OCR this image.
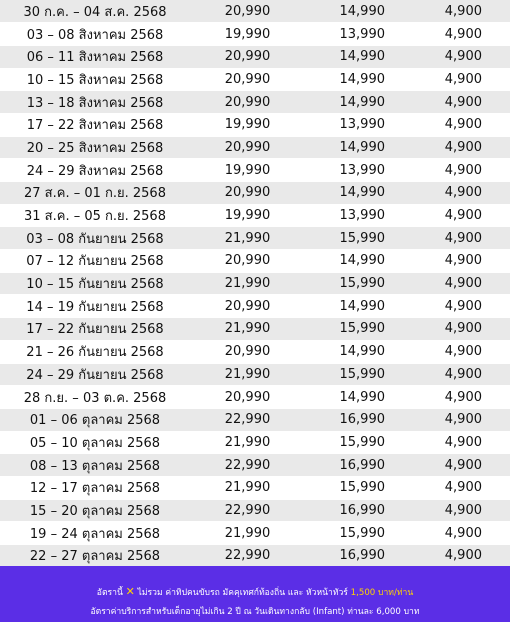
30 ก.ค. – 04 ส.ค. 2568	20,990	14,990	4,900
03 – 08 สิงหาคม 2568	19,990	13,990	4,900
06 – 11 สิงหาคม 2568	20,990	14,990	4,900
10 – 15 สิงหาคม 2568	20,990	14,990	4,900
13 – 18 สิงหาคม 2568	20,990	14,990	4,900
17 – 22 สิงหาคม 2568	19,990	13,990	4,900
20 – 25 สิงหาคม 2568	20,990	14,990	4,900
24 – 29 สิงหาคม 2568	19,990	13,990	4,900
27 ส.ค. – 01 ก.ย. 2568	20,990	14,990	4,900
31 ส.ค. – 05 ก.ย. 2568	19,990	13,990	4,900
03 – 08 กันยายน 2568	21,990	15,990	4,900
07 – 12 กันยายน 2568	20,990	14,990	4,900
10 – 15 กันยายน 2568	21,990	15,990	4,900
14 – 19 กันยายน 2568	20,990	14,990	4,900
17 – 22 กันยายน 2568	21,990	15,990	4,900
21 – 26 กันยายน 2568	20,990	14,990	4,900
24 – 29 กันยายน 2568	21,990	15,990	4,900
28 ก.ย. – 03 ต.ค. 2568	20,990	14,990	4,900
01 – 06 ตุลาคม 2568	22,990	16,990	4,900
05 – 10 ตุลาคม 2568	21,990	15,990	4,900
08 – 13 ตุลาคม 2568	22,990	16,990	4,900
12 – 17 ตุลาคม 2568	21,990	15,990	4,900
15 – 20 ตุลาคม 2568	22,990	16,990	4,900
19 – 24 ตุลาคม 2568	21,990	15,990	4,900
22 – 27 ตุลาคม 2568	22,990	16,990	4,900
อัตรานี้ ✕ ไม่รวม ค่าทิปคนขับรถ มัคคุเทศก์ท้องถิ่น และ หัวหน้าทัวร์ 1,500 บาท/ท่าน
อัตราค่าบริการสำหรับเด็กอายุไม่เกิน 2 ปี ณ วันเดินทางกลับ (Infant) ท่านละ 6,000 บาท
